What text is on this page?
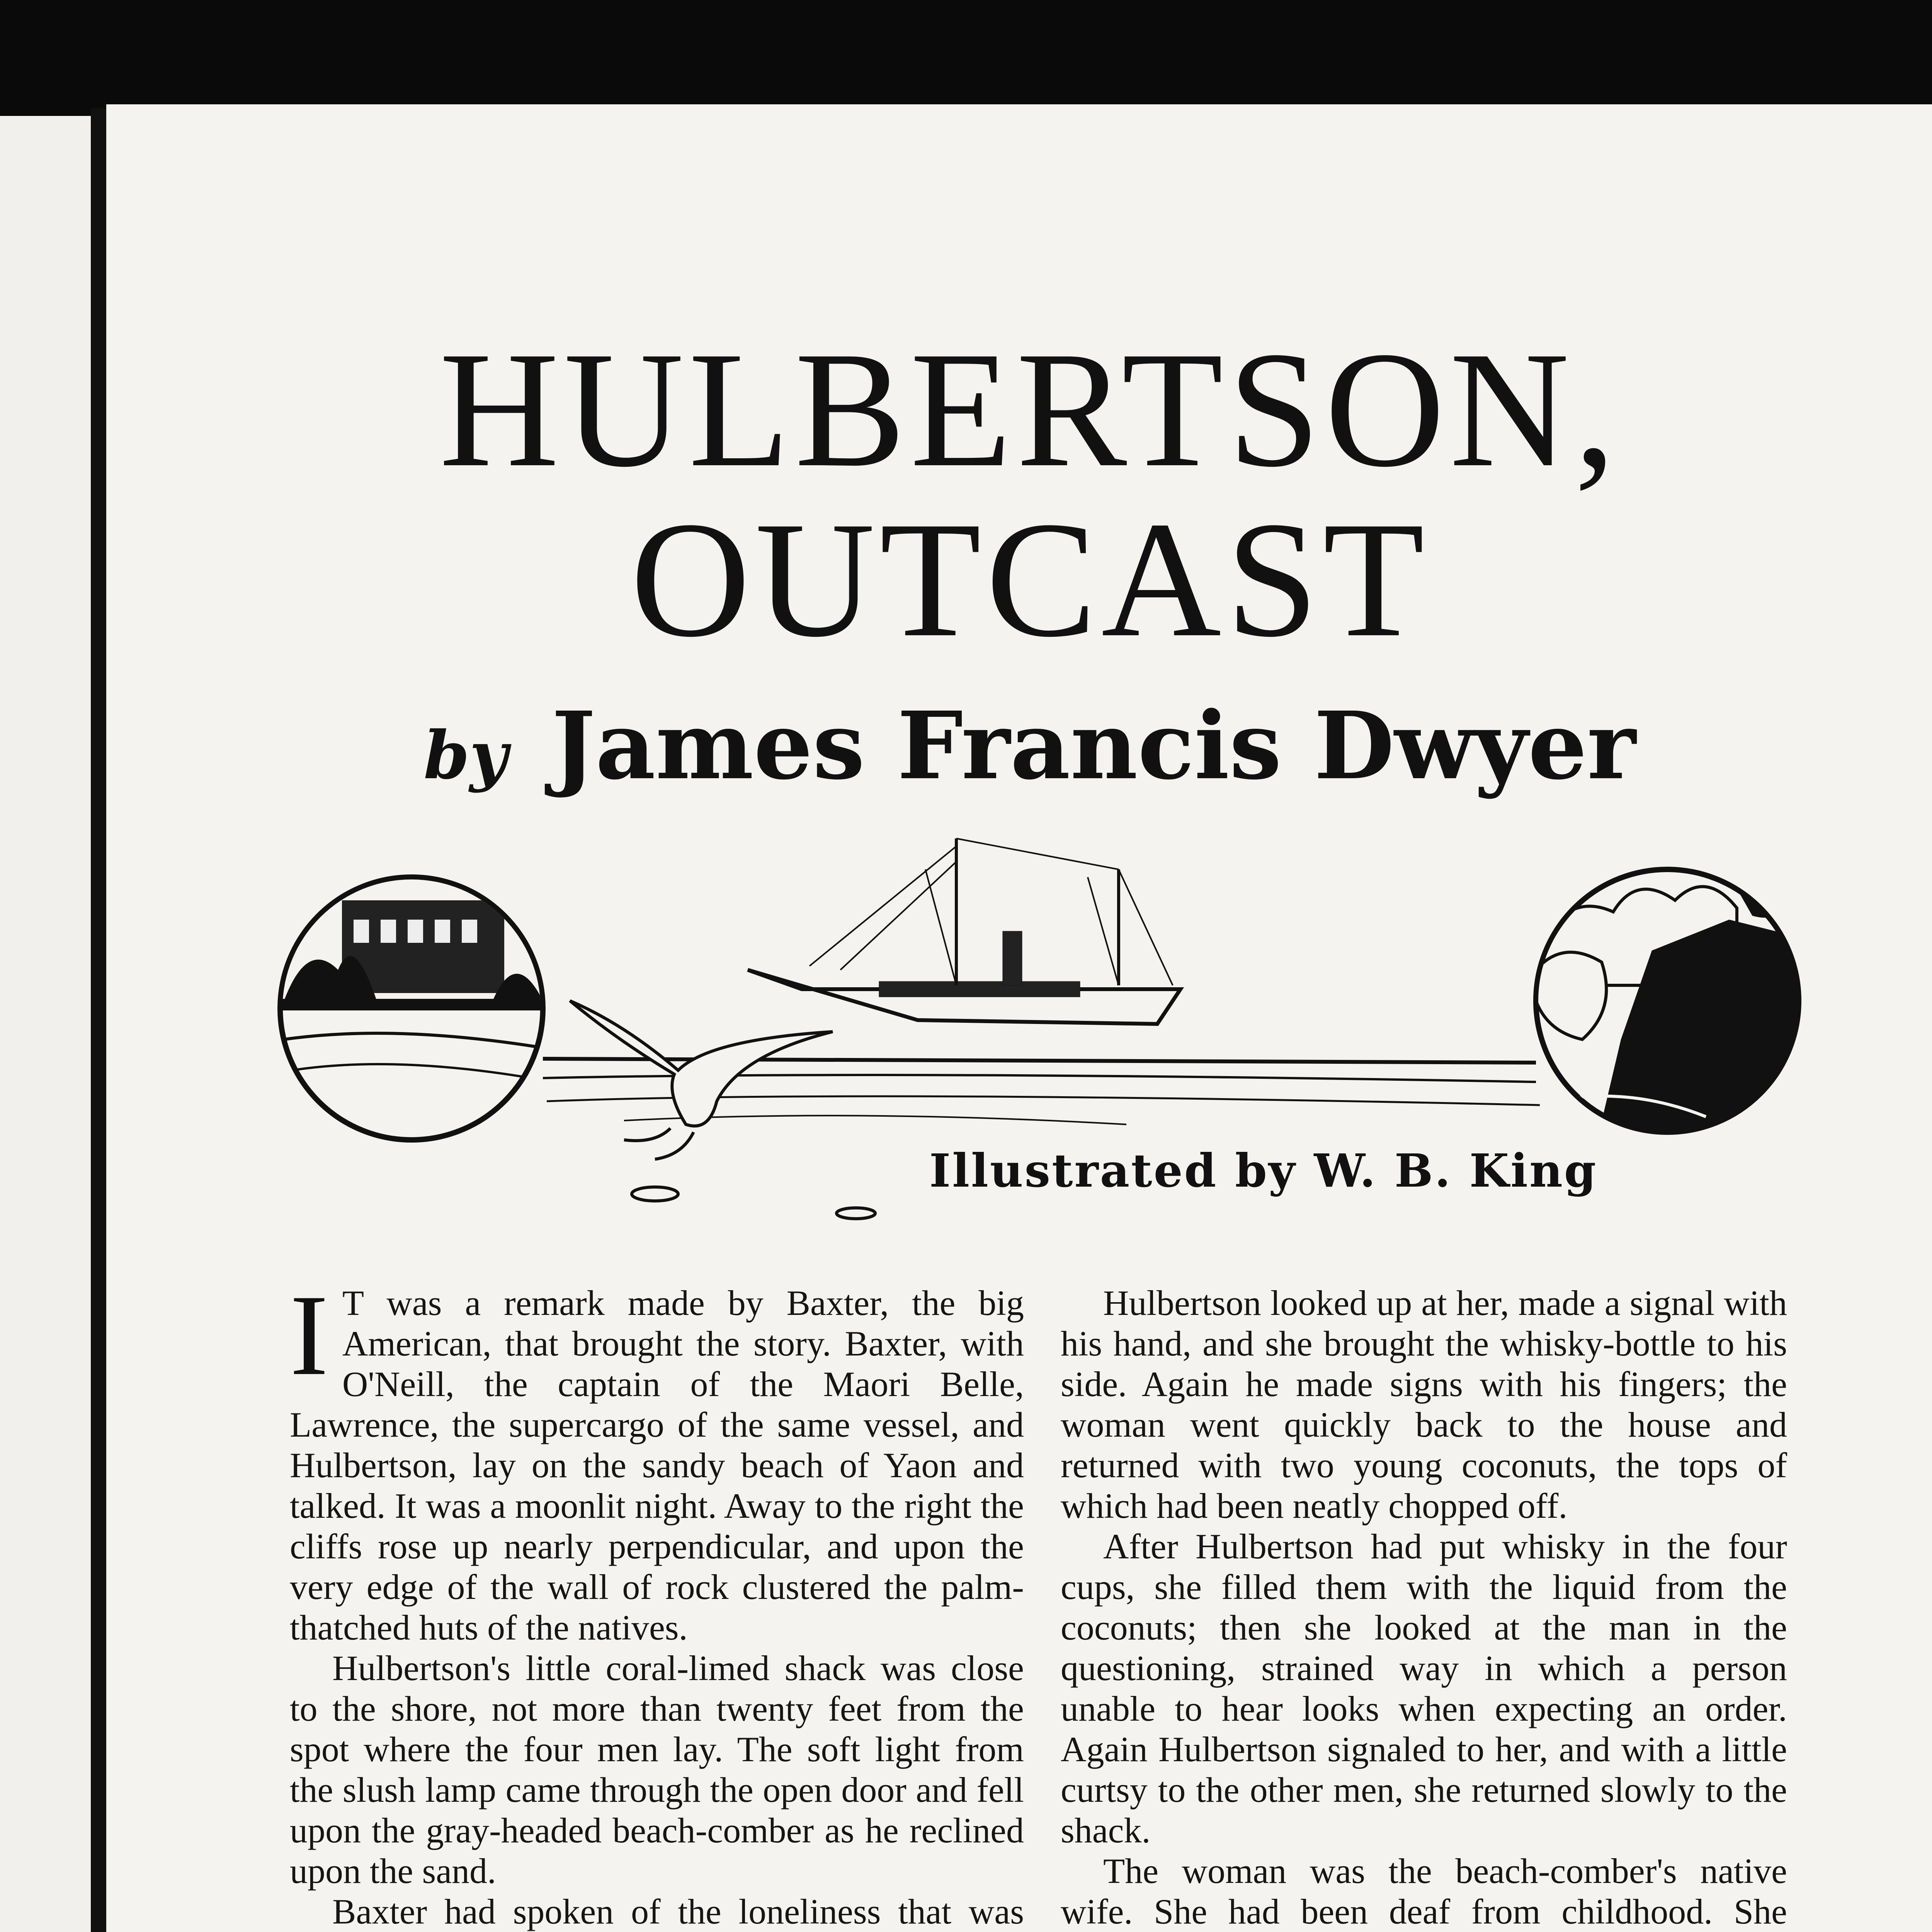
HULBERTSON,
OUTCAST
by James Francis Dwyer
Illustrated by W. B. King

I T was a remark made by Baxter, the big American, that brought the story. Baxter, with O'Neill, the captain of the Maori Belle, Lawrence, the supercargo of the same vessel, and Hulbertson, lay on the sandy beach of Yaon and talked. It was a moonlit night. Away to the right the cliffs rose up nearly perpendicular, and upon the very edge of the wall of rock clustered the palm-thatched huts of the natives.

Hulbertson's little coral-limed shack was close to the shore, not more than twenty feet from the spot where the four men lay. The soft light from the slush lamp came through the open door and fell upon the gray-headed beach-comber as he reclined upon the sand.

Baxter had spoken of the loneliness that was

Hulbertson looked up at her, made a signal with his hand, and she brought the whisky-bottle to his side. Again he made signs with his fingers; the woman went quickly back to the house and returned with two young coconuts, the tops of which had been neatly chopped off.

After Hulbertson had put whisky in the four cups, she filled them with the liquid from the coconuts; then she looked at the man in the questioning, strained way in which a person unable to hear looks when expecting an order. Again Hulbertson signaled to her, and with a little curtsy to the other men, she returned slowly to the shack.

The woman was the beach-comber's native wife. She had been deaf from childhood. She
